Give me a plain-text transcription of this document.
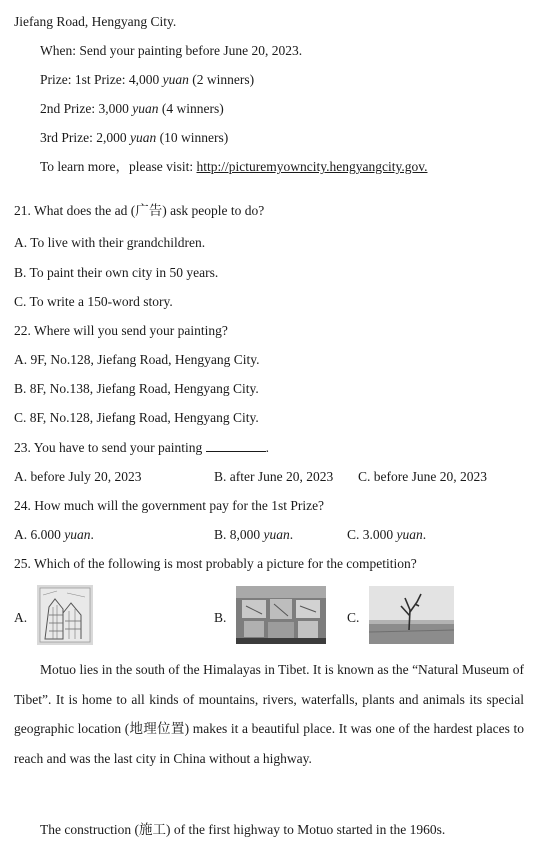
Jiefang Road, Hengyang City.
When: Send your painting before June 20, 2023.
Prize: 1st Prize: 4,000 yuan (2 winners)
2nd Prize: 3,000 yuan (4 winners)
3rd Prize: 2,000 yuan (10 winners)
To learn more，please visit: http://picturemyowncity.hengyangcity.gov.
21. What does the ad (广告) ask people to do?
A. To live with their grandchildren.
B. To paint their own city in 50 years.
C. To write a 150-word story.
22. Where will you send your painting?
A. 9F, No.128, Jiefang Road, Hengyang City.
B. 8F, No.138, Jiefang Road, Hengyang City.
C. 8F, No.128, Jiefang Road, Hengyang City.
23. You have to send your painting	.
A. before July 20, 2023	B. after June 20, 2023 C. before June 20, 2023
24. How much will the government pay for the 1st Prize?
A. 6.000 yuan.	B. 8,000 yuan.	C. 3.000 yuan.
25. Which of the following is most probably a picture for the competition?
A.	B.	C.
Motuo lies in the south of the Himalayas in Tibet. It is known as the “Natural Museum of Tibet”. It is home to all kinds of mountains, rivers, waterfalls, plants and animals its special geographic location (地理位置) makes it a beautiful place. It was one of the hardest places to reach and was the last city in China without a highway.
The construction (施工) of the first highway to Motuo started in the 1960s.
